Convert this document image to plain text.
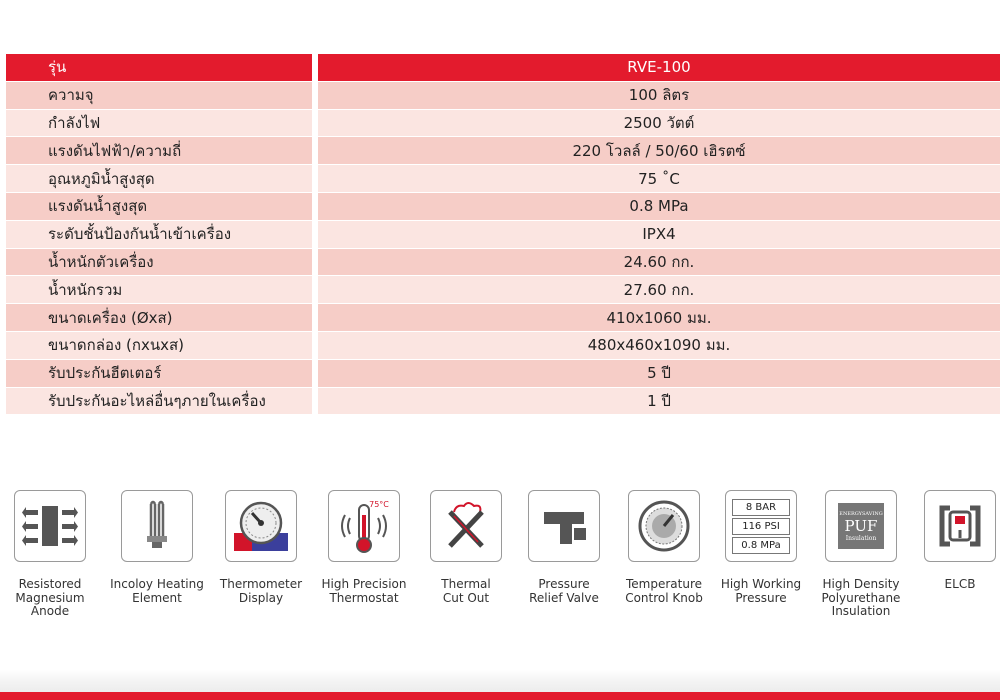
รุ่น	RVE-100
ความจุ	100 ลิตร
กำลังไฟ	2500 วัตต์
แรงดันไฟฟ้า/ความถี่	220 โวลล์ / 50/60 เฮิรตซ์
อุณหภูมิน้ำสูงสุด	75 ˚C
แรงดันน้ำสูงสุด	0.8 MPa
ระดับชั้นป้องกันน้ำเข้าเครื่อง	IPX4
น้ำหนักตัวเครื่อง	24.60 กก.
น้ำหนักรวม	27.60 กก.
ขนาดเครื่อง (Øxส)	410x1060 มม.
ขนาดกล่อง (กxนxส)	480x460x1090 มม.
รับประกันฮีตเตอร์	5 ปี
รับประกันอะไหล่อื่นๆภายในเครื่อง	1 ปี
Resistored
Magnesium
Anode
Incoloy Heating
Element
Thermometer
Display
75°C
High Precision
Thermostat
Thermal
Cut Out
Pressure
Relief Valve
Temperature
Control Knob
8 BAR
116 PSI
0.8 MPa
High Working
Pressure
ENERGYSAVING
PUF
Insulation
High Density
Polyurethane
Insulation
ELCB
